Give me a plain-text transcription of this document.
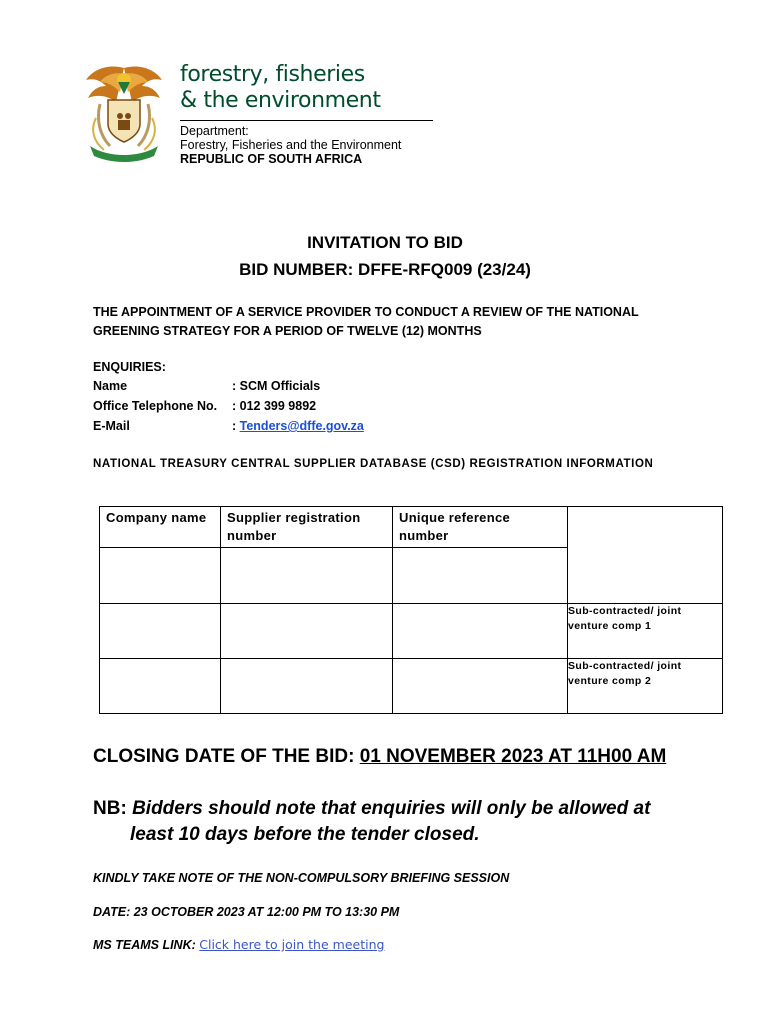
forestry, fisheries
& the environment
Department:
Forestry, Fisheries and the Environment
REPUBLIC OF SOUTH AFRICA
INVITATION TO BID
BID NUMBER: DFFE-RFQ009 (23/24)
THE APPOINTMENT OF A SERVICE PROVIDER TO CONDUCT A REVIEW OF THE NATIONAL GREENING STRATEGY FOR A PERIOD OF TWELVE (12) MONTHS
ENQUIRIES:
Name	: SCM Officials
Office Telephone No. : 012 399 9892
E-Mail	: Tenders@dffe.gov.za
NATIONAL TREASURY CENTRAL SUPPLIER DATABASE (CSD) REGISTRATION INFORMATION
Company name	Supplier registration number	Unique reference number	

			Sub-contracted/ joint venture comp 1
			Sub-contracted/ joint venture comp 2
CLOSING DATE OF THE BID: 01 NOVEMBER 2023 AT 11H00 AM
NB: Bidders should note that enquiries will only be allowed at
least 10 days before the tender closed.
KINDLY TAKE NOTE OF THE NON-COMPULSORY BRIEFING SESSION
DATE: 23 OCTOBER 2023 AT 12:00 PM TO 13:30 PM
MS TEAMS LINK: Click here to join the meeting
